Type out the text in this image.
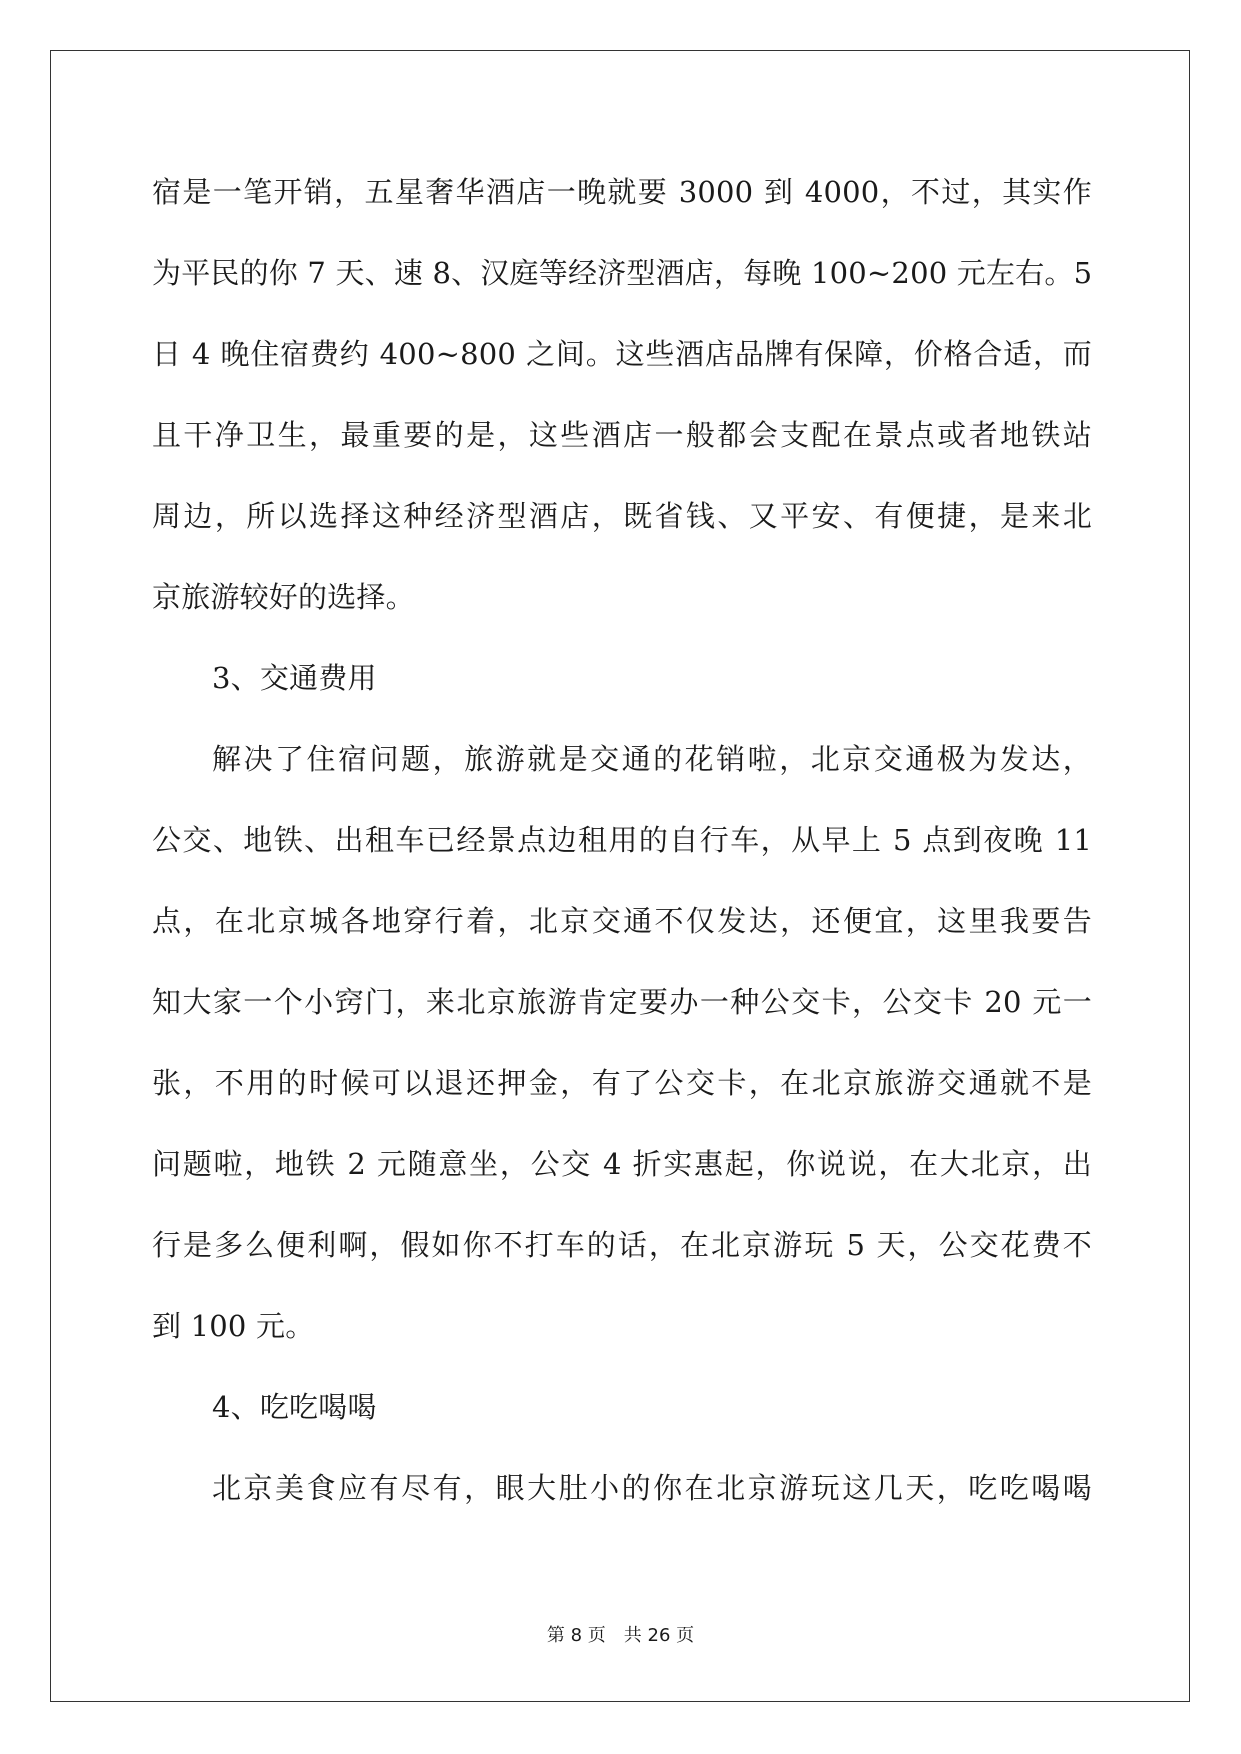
宿是一笔开销，五星奢华酒店一晚就要 3000 到 4000，不过，其实作
为平民的你 7 天、速 8、汉庭等经济型酒店，每晚 100~200 元左右。5
日 4 晚住宿费约 400~800 之间。这些酒店品牌有保障，价格合适，而
且干净卫生，最重要的是，这些酒店一般都会支配在景点或者地铁站
周边，所以选择这种经济型酒店，既省钱、又平安、有便捷，是来北
京旅游较好的选择。
3、交通费用
解决了住宿问题，旅游就是交通的花销啦，北京交通极为发达，
公交、地铁、出租车已经景点边租用的自行车，从早上 5 点到夜晚 11
点，在北京城各地穿行着，北京交通不仅发达，还便宜，这里我要告
知大家一个小窍门，来北京旅游肯定要办一种公交卡，公交卡 20 元一
张，不用的时候可以退还押金，有了公交卡，在北京旅游交通就不是
问题啦，地铁 2 元随意坐，公交 4 折实惠起，你说说，在大北京，出
行是多么便利啊，假如你不打车的话，在北京游玩 5 天，公交花费不
到 100 元。
4、吃吃喝喝
北京美食应有尽有，眼大肚小的你在北京游玩这几天，吃吃喝喝
第 8 页 共 26 页
